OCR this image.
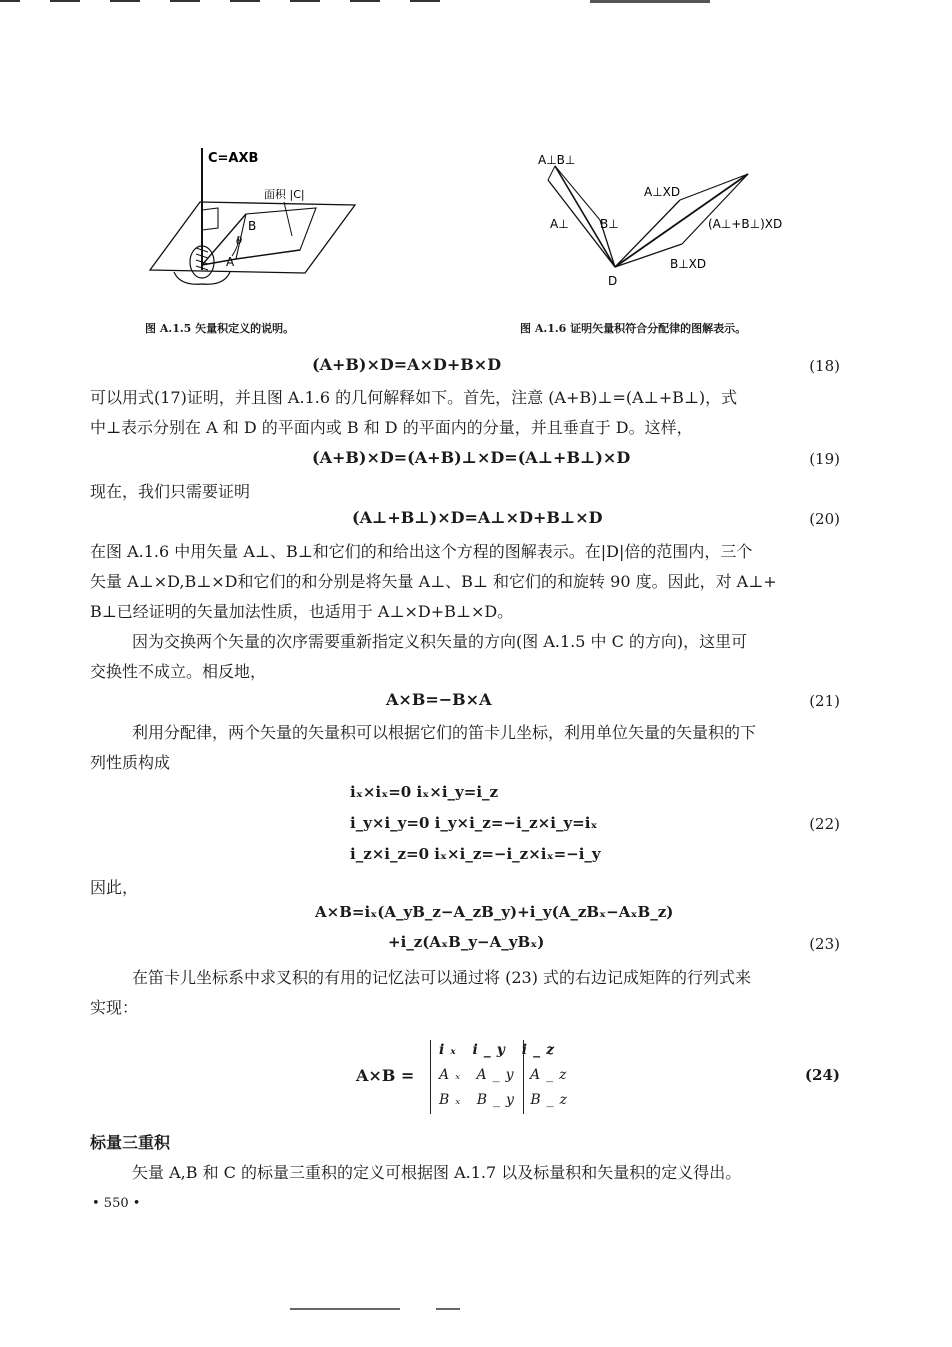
C=AXB
面积 |C|
B
A
θ
图 A.1.5 矢量积定义的说明。
A⊥B⊥
A⊥	B⊥
A⊥XD
(A⊥+B⊥)XD
B⊥XD
D
图 A.1.6 证明矢量积符合分配律的图解表示。
(A+B)×D=A×D+B×D	(18)
可以用式(17)证明，并且图 A.1.6 的几何解释如下。首先，注意 (A+B)⊥=(A⊥+B⊥)，式
中⊥表示分别在 A 和 D 的平面内或 B 和 D 的平面内的分量，并且垂直于 D。这样，
(A+B)×D=(A+B)⊥×D=(A⊥+B⊥)×D	(19)
现在，我们只需要证明
(A⊥+B⊥)×D=A⊥×D+B⊥×D	(20)
在图 A.1.6 中用矢量 A⊥、B⊥和它们的和给出这个方程的图解表示。在|D|倍的范围内，三个
矢量 A⊥×D,B⊥×D和它们的和分别是将矢量 A⊥、B⊥ 和它们的和旋转 90 度。因此，对 A⊥+
B⊥已经证明的矢量加法性质，也适用于 A⊥×D+B⊥×D。
因为交换两个矢量的次序需要重新指定义积矢量的方向(图 A.1.5 中 C 的方向)，这里可
交换性不成立。相反地，
A×B=−B×A	(21)
利用分配律，两个矢量的矢量积可以根据它们的笛卡儿坐标，利用单位矢量的矢量积的下
列性质构成
iₓ×iₓ=0 iₓ×i_y=i_z
i_y×i_y=0 i_y×i_z=−i_z×i_y=iₓ
i_z×i_z=0 iₓ×i_z=−i_z×iₓ=−i_y
(22)
因此，
A×B=iₓ(A_yB_z−A_zB_y)+i_y(A_zBₓ−AₓB_z)
+i_z(AₓB_y−A_yBₓ)	(23)
在笛卡儿坐标系中求叉积的有用的记忆法可以通过将 (23) 式的右边记成矩阵的行列式来
实现：
A×B =
iₓ i_y i_z
Aₓ A_y A_z
Bₓ B_y B_z
(24)
标量三重积
矢量 A,B 和 C 的标量三重积的定义可根据图 A.1.7 以及标量积和矢量积的定义得出。
• 550 •
